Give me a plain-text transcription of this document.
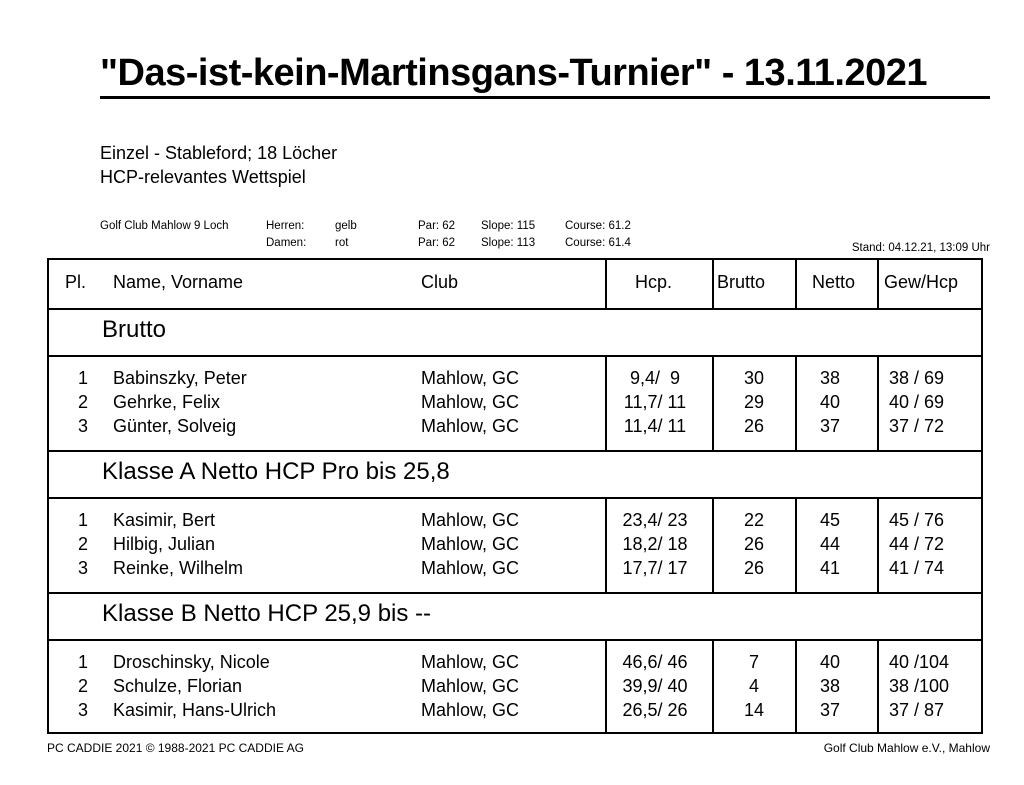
"Das-ist-kein-Martinsgans-Turnier" - 13.11.2021
Einzel - Stableford; 18 Löcher
HCP-relevantes Wettspiel
Golf Club Mahlow 9 Loch	Herren:	gelb	Par: 62 Slope: 115	Course: 61.2
Damen: rot	Par: 62 Slope: 113	Course: 61.4	Stand: 04.12.21, 13:09 Uhr
Pl. Name, Vorname	Club	Hcp. Brutto	Netto Gew/Hcp
Brutto
Klasse A Netto HCP Pro bis 25,8
Klasse B Netto HCP 25,9 bis --
1 Babinszky, Peter	Mahlow, GC	9,4/  9	30	38	38 / 69
2 Gehrke, Felix	Mahlow, GC	11,7/ 11	29	40	40 / 69
3 Günter, Solveig	Mahlow, GC	11,4/ 11	26	37	37 / 72
1 Kasimir, Bert	Mahlow, GC	23,4/ 23	22	45	45 / 76
2 Hilbig, Julian	Mahlow, GC	18,2/ 18	26	44	44 / 72
3 Reinke, Wilhelm	Mahlow, GC	17,7/ 17	26	41	41 / 74
1 Droschinsky, Nicole	Mahlow, GC	46,6/ 46	7	40	40 /104
2 Schulze, Florian	Mahlow, GC	39,9/ 40	4	38	38 /100
3 Kasimir, Hans-Ulrich	Mahlow, GC	26,5/ 26	14	37	37 / 87
PC CADDIE 2021 © 1988-2021 PC CADDIE AG	Golf Club Mahlow e.V., Mahlow
